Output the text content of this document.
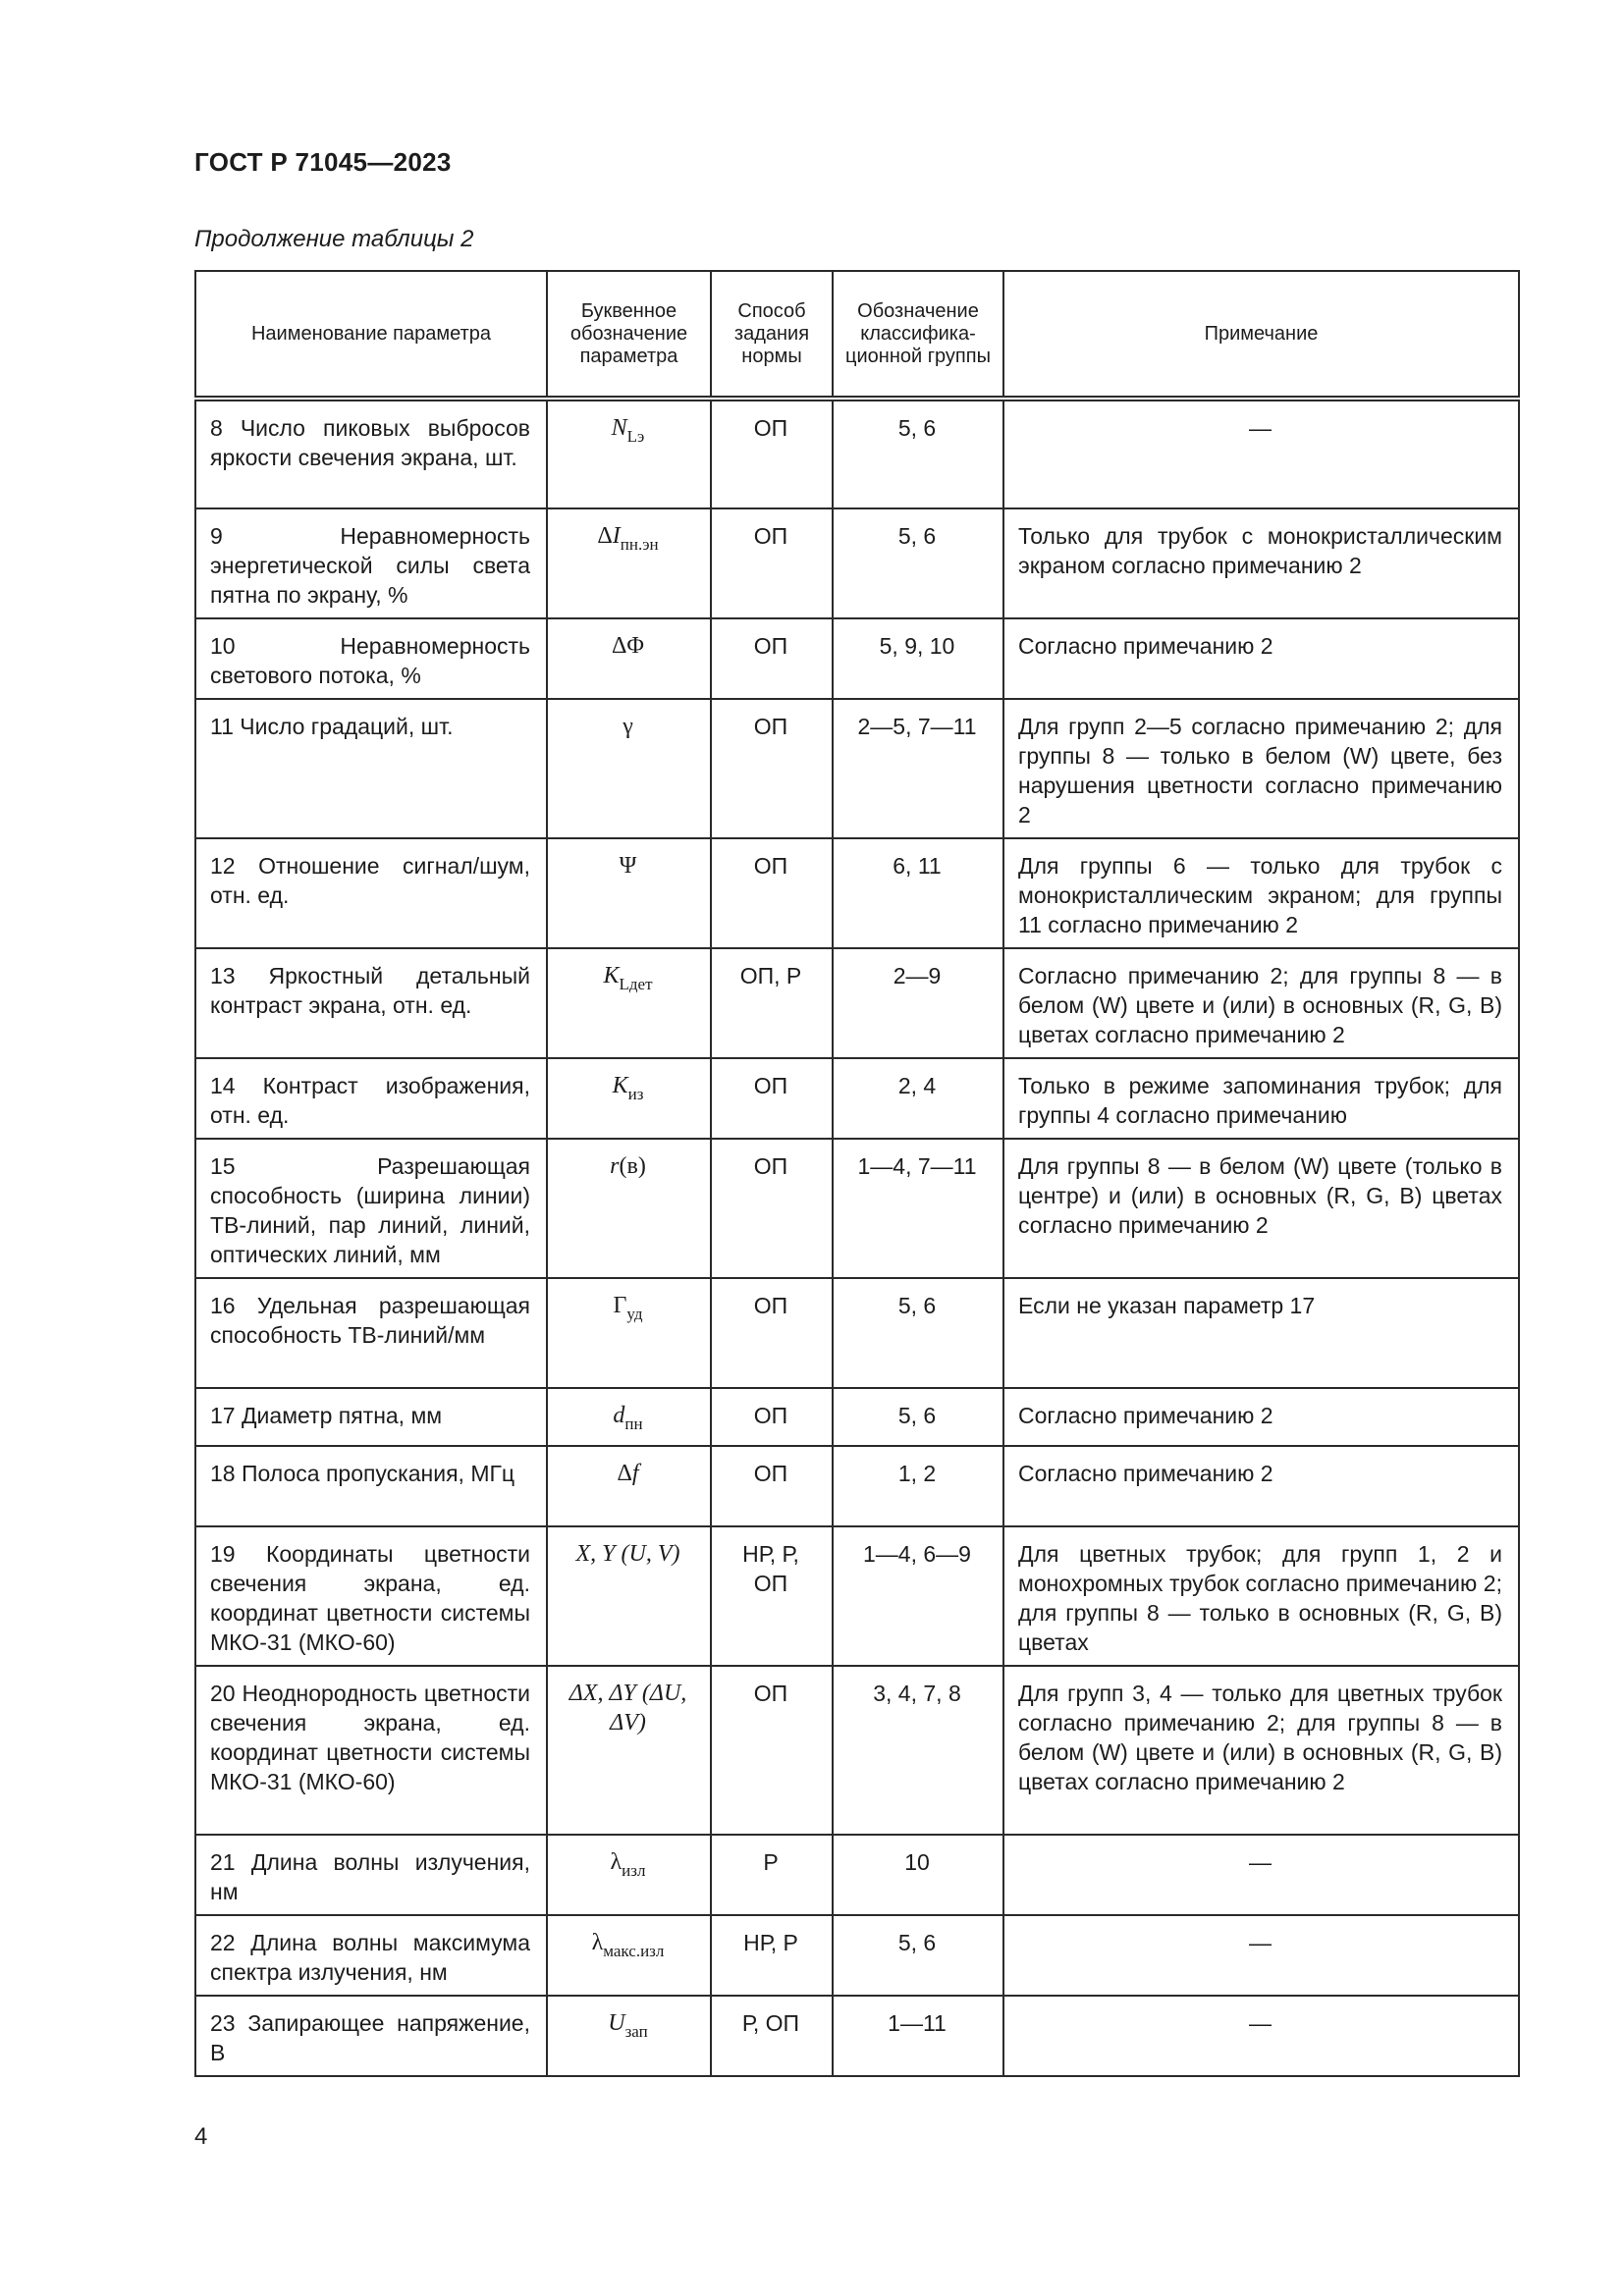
ГОСТ Р 71045—2023
Продолжение таблицы 2
Наименование параметра	Буквенное обозначение параметра	Способ задания нормы	Обозначение классифика-ционной группы	Примечание
8 Число пиковых выбросов яркости свечения экрана, шт.	$N_{Lэ}$	ОП	5, 6	—
9 Неравномерность энергетической силы света пятна по экрану, %	$\Delta I_{пн.эн}$	ОП	5, 6	Только для трубок с монокристаллическим экраном согласно примечанию 2
10 Неравномерность светового потока, %	ΔΦ	ОП	5, 9, 10	Согласно примечанию 2
11 Число градаций, шт.	γ	ОП	2—5, 7—11	Для групп 2—5 согласно примечанию 2; для группы 8 — только в белом (W) цвете, без нарушения цветности согласно примечанию 2
12 Отношение сигнал/шум, отн. ед.	Ψ	ОП	6, 11	Для группы 6 — только для трубок с монокристаллическим экраном; для группы 11 согласно примечанию 2
13 Яркостный детальный контраст экрана, отн. ед.	$K_{Lдет}$	ОП, Р	2—9	Согласно примечанию 2; для группы 8 — в белом (W) цвете и (или) в основных (R, G, B) цветах согласно примечанию 2
14 Контраст изображения, отн. ед.	$K_{из}$	ОП	2, 4	Только в режиме запоминания трубок; для группы 4 согласно примечанию
15 Разрешающая способность (ширина линии) ТВ-линий, пар линий, линий, оптических линий, мм	r(в)	ОП	1—4, 7—11	Для группы 8 — в белом (W) цвете (только в центре) и (или) в основных (R, G, B) цветах согласно примечанию 2
16 Удельная разрешающая способность ТВ-линий/мм	$Г_{уд}$	ОП	5, 6	Если не указан параметр 17
17 Диаметр пятна, мм	$d_{пн}$	ОП	5, 6	Согласно примечанию 2
18 Полоса пропускания, МГц	Δf	ОП	1, 2	Согласно примечанию 2
19 Координаты цветности свечения экрана, ед. координат цветности системы МКО-31 (МКО-60)	X, Y (U, V)	НР, Р, ОП	1—4, 6—9	Для цветных трубок; для групп 1, 2 и монохромных трубок согласно примечанию 2; для группы 8 — только в основных (R, G, B) цветах
20 Неоднородность цветности свечения экрана, ед. координат цветности системы МКО-31 (МКО-60)	ΔX, ΔY (ΔU, ΔV)	ОП	3, 4, 7, 8	Для групп 3, 4 — только для цветных трубок согласно примечанию 2; для группы 8 — в белом (W) цвете и (или) в основных (R, G, B) цветах согласно примечанию 2
21 Длина волны излучения, нм	$\lambda_{изл}$	Р	10	—
22 Длина волны максимума спектра излучения, нм	$\lambda_{макс.изл}$	НР, Р	5, 6	—
23 Запирающее напряжение, В	$U_{зап}$	Р, ОП	1—11	—
4
